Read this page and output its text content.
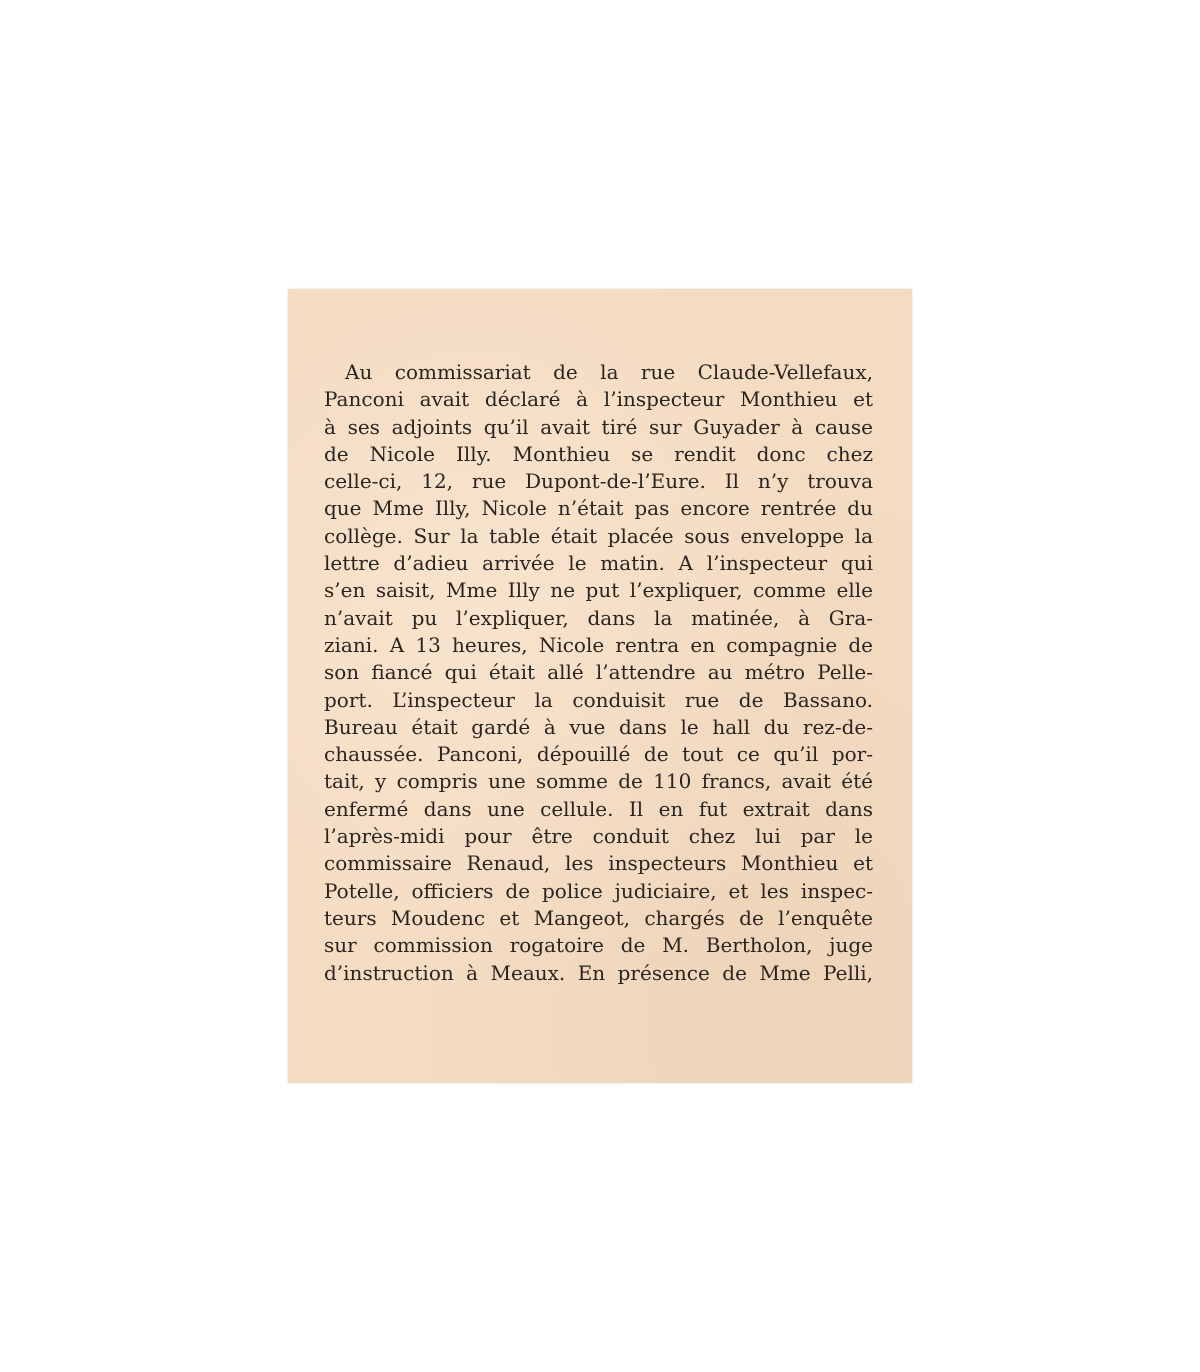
Au commissariat de la rue Claude-Vellefaux,
Panconi avait déclaré à l’inspecteur Monthieu et
à ses adjoints qu’il avait tiré sur Guyader à cause
de Nicole Illy. Monthieu se rendit donc chez
celle-ci, 12, rue Dupont-de-l’Eure. Il n’y trouva
que Mme Illy, Nicole n’était pas encore rentrée du
collège. Sur la table était placée sous enveloppe la
lettre d’adieu arrivée le matin. A l’inspecteur qui
s’en saisit, Mme Illy ne put l’expliquer, comme elle
n’avait pu l’expliquer, dans la matinée, à Gra-
ziani. A 13 heures, Nicole rentra en compagnie de
son fiancé qui était allé l’attendre au métro Pelle-
port. L’inspecteur la conduisit rue de Bassano.
Bureau était gardé à vue dans le hall du rez-de-
chaussée. Panconi, dépouillé de tout ce qu’il por-
tait, y compris une somme de 110 francs, avait été
enfermé dans une cellule. Il en fut extrait dans
l’après-midi pour être conduit chez lui par le
commissaire Renaud, les inspecteurs Monthieu et
Potelle, officiers de police judiciaire, et les inspec-
teurs Moudenc et Mangeot, chargés de l’enquête
sur commission rogatoire de M. Bertholon, juge
d’instruction à Meaux. En présence de Mme Pelli,
